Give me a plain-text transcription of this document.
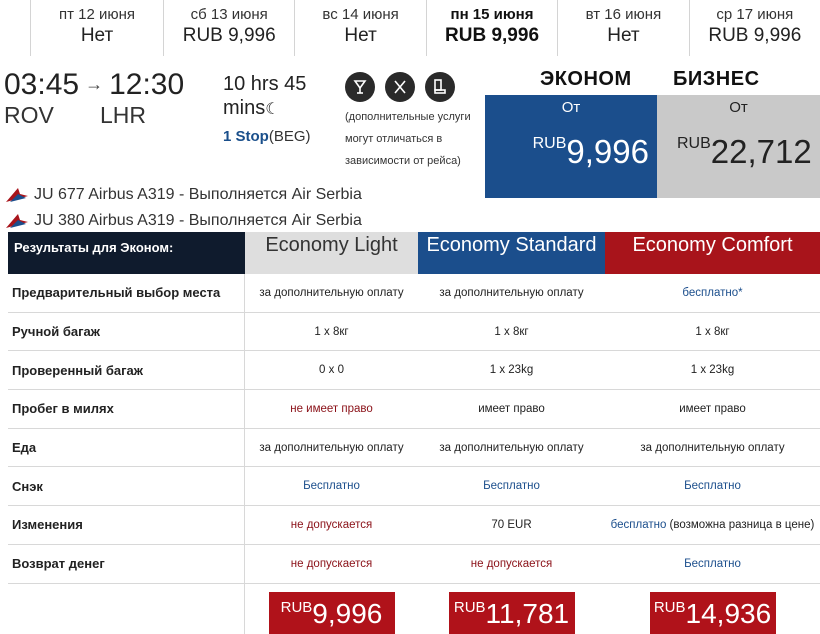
пт 12 июня
Нет
сб 13 июня
RUB 9,996
вс 14 июня
Нет
пн 15 июня
RUB 9,996
вт 16 июня
Нет
ср 17 июня
RUB 9,996
03:45 → 12:30
ROV	LHR
10 hrs 45
mins☾
1 Stop(BEG)
(дополнительные услуги могут отличаться в зависимости от рейса)
ЭКОНОМ БИЗНЕС
От
RUB9,996
От
RUB22,712
JU 677 Airbus A319 - Выполняется Air Serbia
JU 380 Airbus A319 - Выполняется Air Serbia
Результаты для Эконом:	Economy Light	Economy Standard	Economy Comfort
Предварительный выбор места	за дополнительную оплату	за дополнительную оплату	бесплатно*
Ручной багаж	1 x 8кг	1 x 8кг	1 x 8кг
Проверенный багаж	0 x 0	1 x 23kg	1 x 23kg
Пробег в милях	не имеет право	имеет право	имеет право
Еда	за дополнительную оплату	за дополнительную оплату	за дополнительную оплату
Снэк	Бесплатно	Бесплатно	Бесплатно
Изменения	не допускается	70 EUR	бесплатно (возможна разница в цене)
Возврат денег	не допускается	не допускается	Бесплатно
RUB 9,996	RUB 11,781	RUB 14,936
